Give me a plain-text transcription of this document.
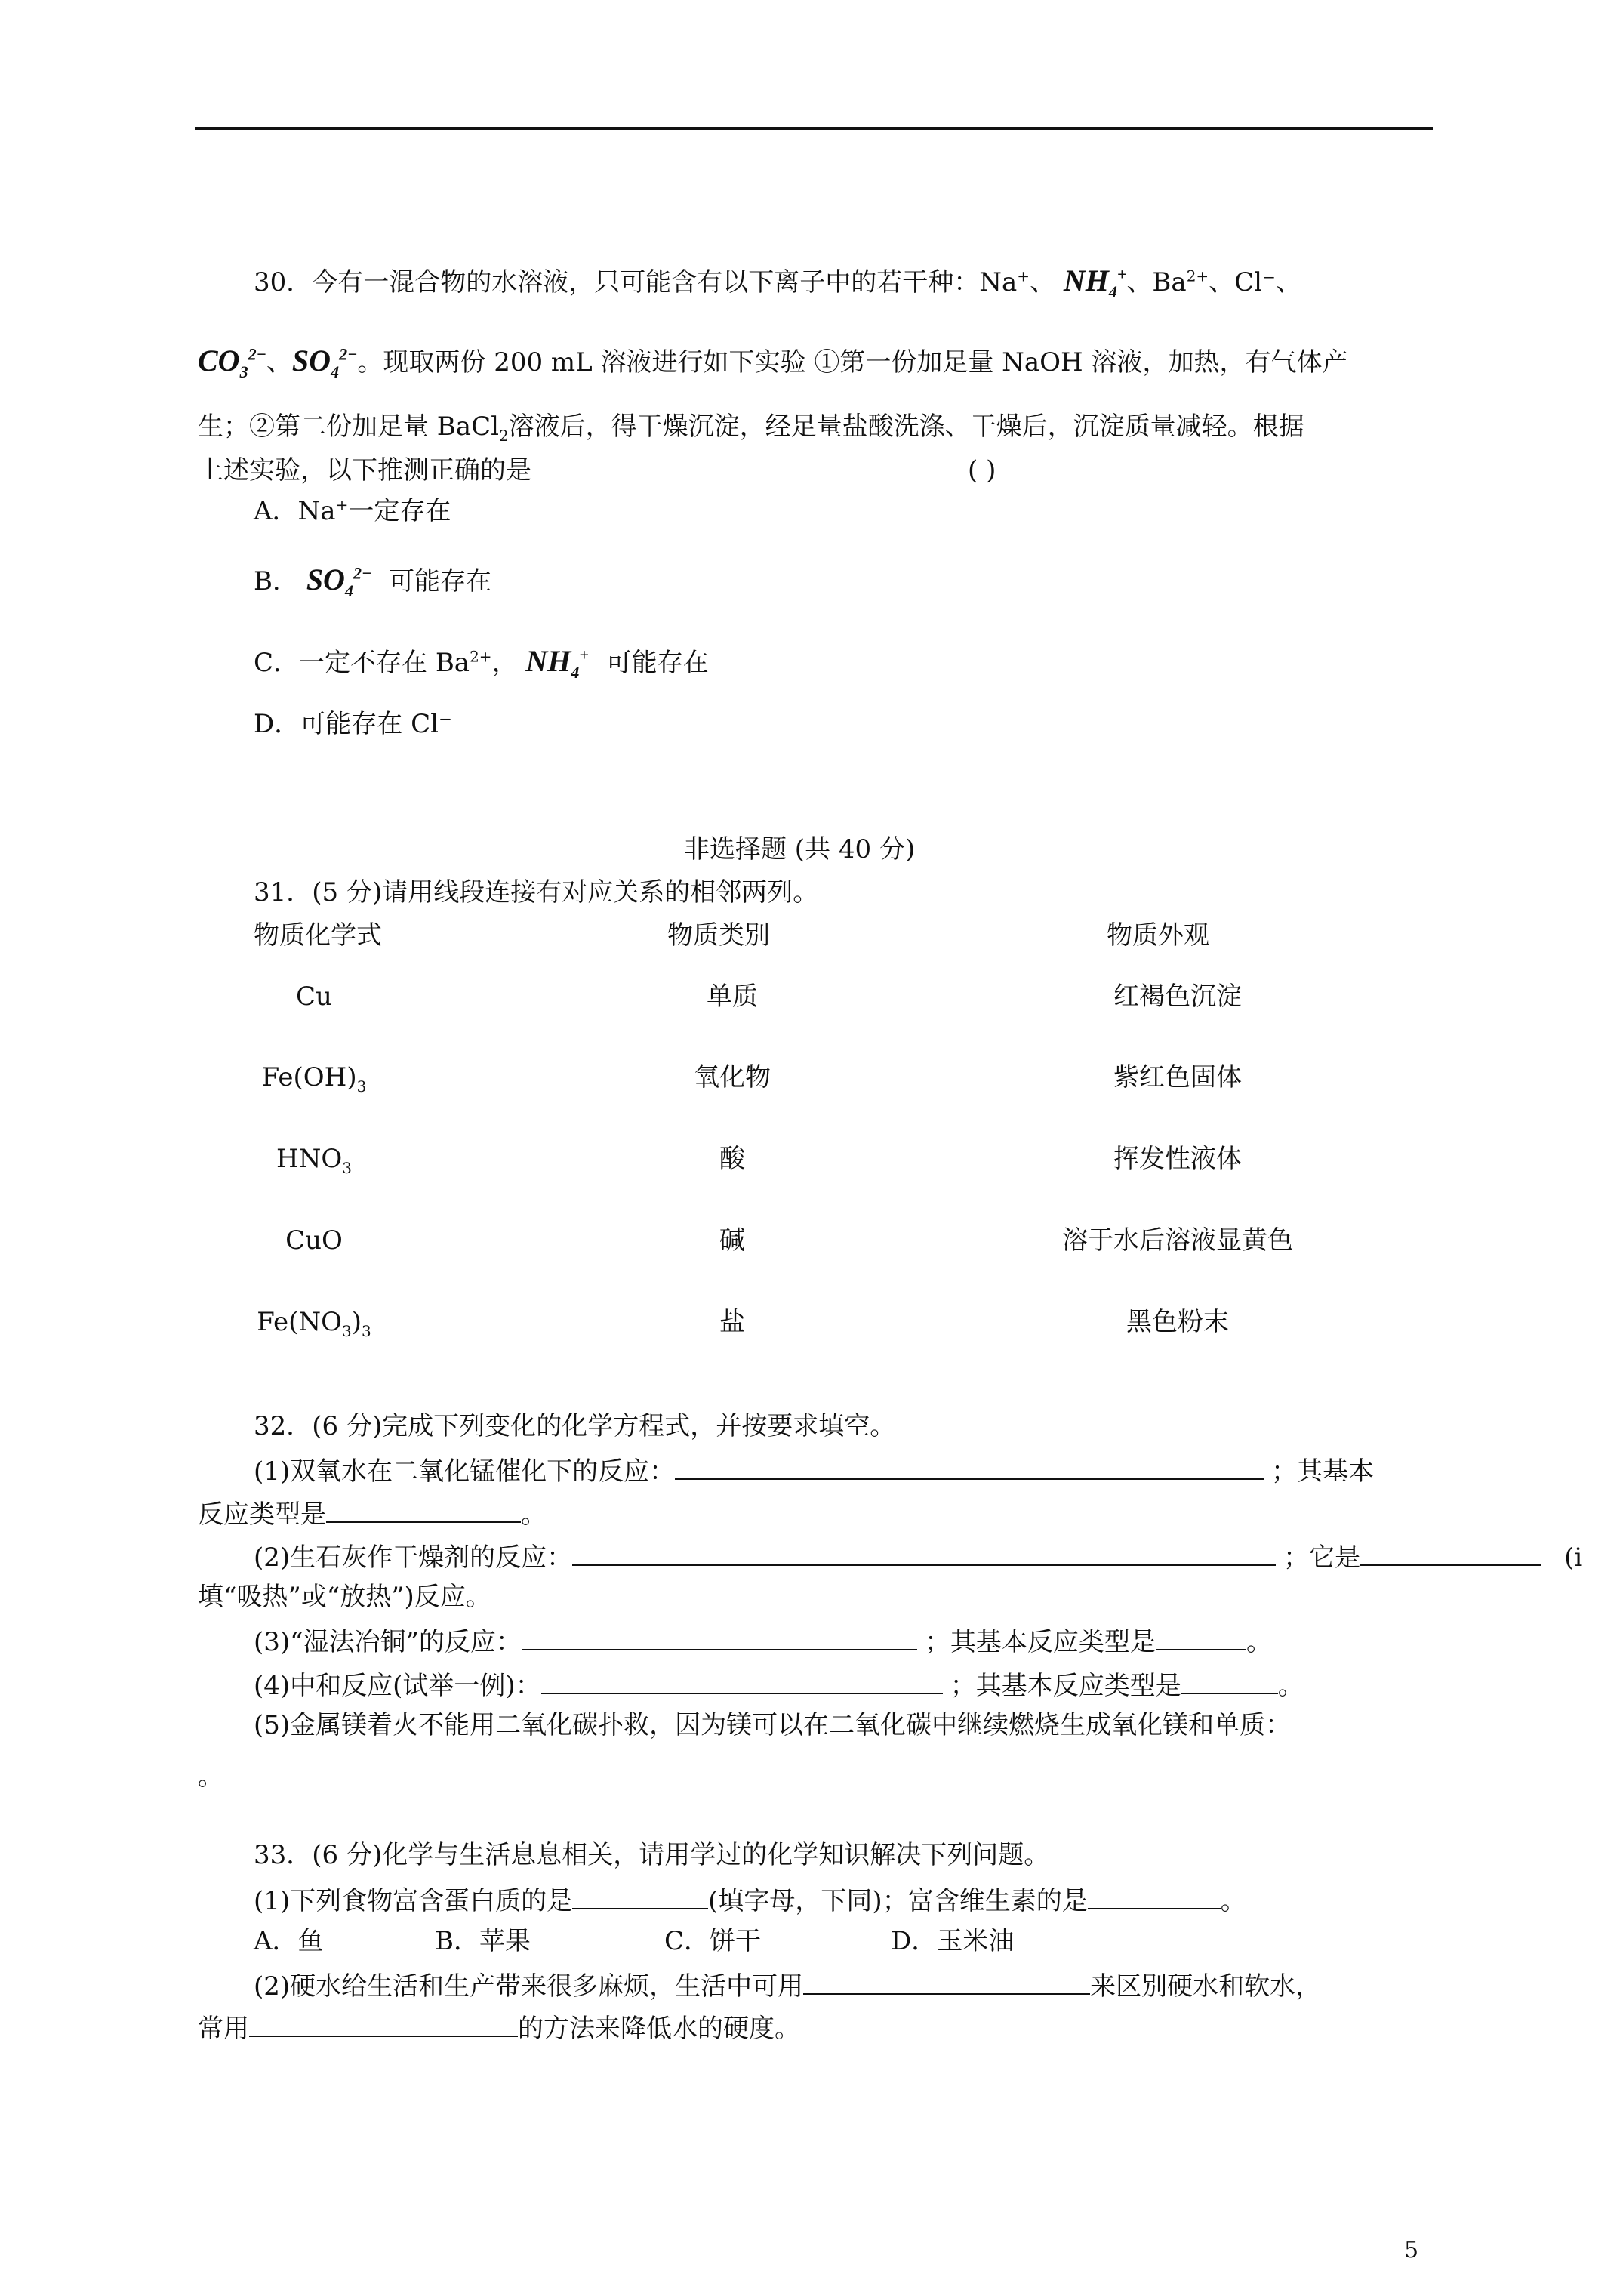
30．今有一混合物的水溶液，只可能含有以下离子中的若干种：Na+、 $NH_4^+$、$Ba^{2+}$、Cl⁻、
$CO_3^{2-}$、$SO_4^{2-}$。现取两份 200 mL 溶液进行如下实验 ①第一份加足量 NaOH 溶液，加热，有气体产
生；②第二份加足量 BaCl$_2$溶液后，得干燥沉淀，经足量盐酸洗涤、干燥后，沉淀质量减轻。根据
上述实验，以下推测正确的是	( )
A．Na+一定存在
B． $SO_4^{2-}$ 可能存在
C．一定不存在 $Ba^{2+}$， $NH_4^+$ 可能存在
D．可能存在 Cl⁻
非选择题 (共 40 分)
31．(5 分)请用线段连接有对应关系的相邻两列。
物质化学式	物质类别	物质外观
Cu	单质	红褐色沉淀
$Fe(OH)_3$	氧化物	紫红色固体
$HNO_3$	酸	挥发性液体
CuO	碱	溶于水后溶液显黄色
$Fe(NO_3)_3$	盐	黑色粉末
32．(6 分)完成下列变化的化学方程式，并按要求填空。
(1)双氧水在二氧化锰催化下的反应：	；其基本
反应类型是	。
(2)生石灰作干燥剂的反应：	；它是	(i
填“吸热”或“放热”)反应。
(3)“湿法冶铜”的反应：	；其基本反应类型是	。
(4)中和反应(试举一例)：	；其基本反应类型是	。
(5)金属镁着火不能用二氧化碳扑救，因为镁可以在二氧化碳中继续燃烧生成氧化镁和单质：
。
33．(6 分)化学与生活息息相关，请用学过的化学知识解决下列问题。
(1)下列食物富含蛋白质的是	(填字母，下同)；富含维生素的是	。
A．鱼	B．苹果	C．饼干	D．玉米油
(2)硬水给生活和生产带来很多麻烦，生活中可用	来区别硬水和软水，
常用	的方法来降低水的硬度。
5
